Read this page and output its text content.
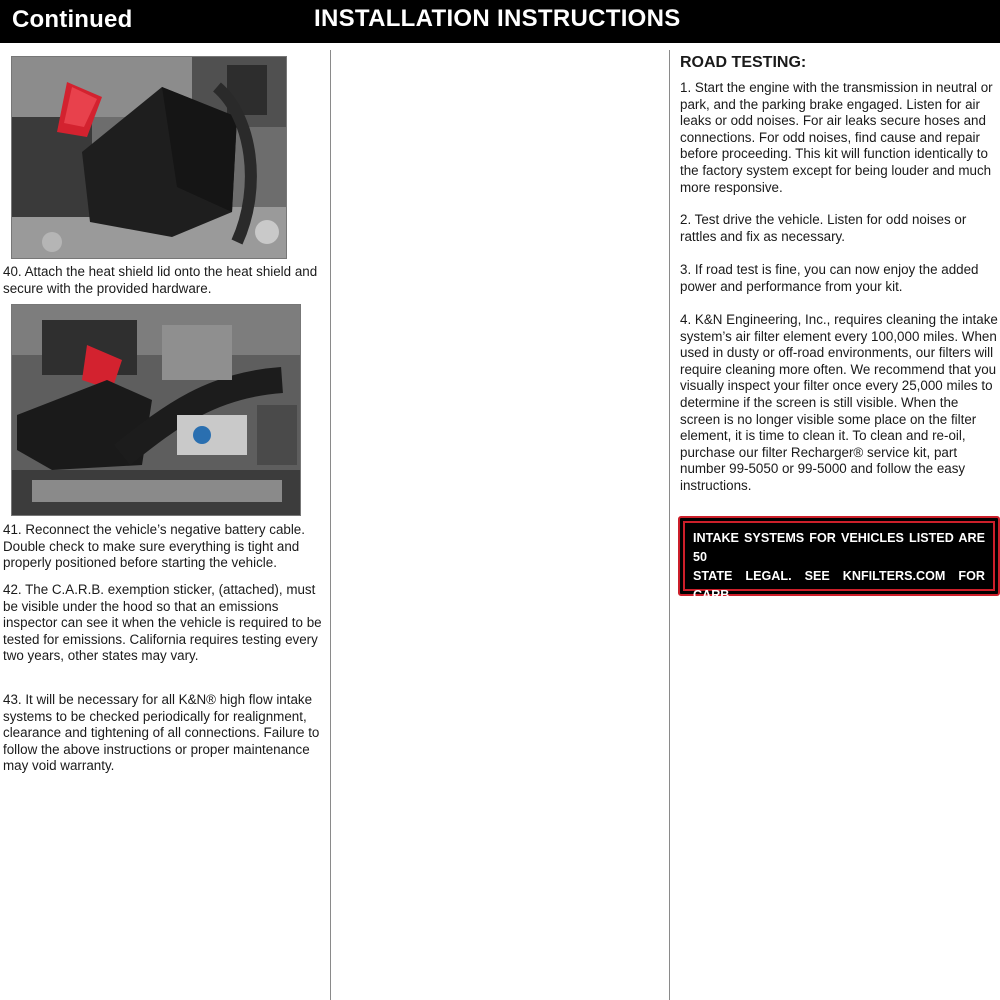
Continued	INSTALLATION INSTRUCTIONS

40. Attach the heat shield lid onto the heat shield and secure with the provided hardware.

41. Reconnect the vehicle’s negative battery cable. Double check to make sure everything is tight and properly positioned before starting the vehicle.

42. The C.A.R.B. exemption sticker, (attached), must be visible under the hood so that an emissions inspector can see it when the vehicle is required to be tested for emissions. California requires testing every two years, other states may vary.

43. It will be necessary for all K&N® high flow intake systems to be checked periodically for realignment, clearance and tightening of all connections. Failure to follow the above instructions or proper maintenance may void warranty.

ROAD TESTING:

1. Start the engine with the transmission in neutral or park, and the parking brake engaged. Listen for air leaks or odd noises. For air leaks secure hoses and connections. For odd noises, find cause and repair before proceeding. This kit will function identically to the factory system except for being louder and much more responsive.

2. Test drive the vehicle. Listen for odd noises or rattles and fix as necessary.

3. If road test is fine, you can now enjoy the added power and performance from your kit.

4. K&N Engineering, Inc., requires cleaning the intake system’s air filter element every 100,000 miles. When used in dusty or off-road environments, our filters will require cleaning more often. We recommend that you visually inspect your filter once every 25,000 miles to determine if the screen is still visible. When the screen is no longer visible some place on the filter element, it is time to clean it. To clean and re-oil, purchase our filter Recharger® service kit, part number 99-5050 or 99-5000 and follow the easy instructions.

INTAKE SYSTEMS FOR VEHICLES LISTED ARE 50
STATE LEGAL. SEE KNFILTERS.COM FOR CARB
STATUS ON EACH PART FOR A SPECIFIC VEHICLE.
